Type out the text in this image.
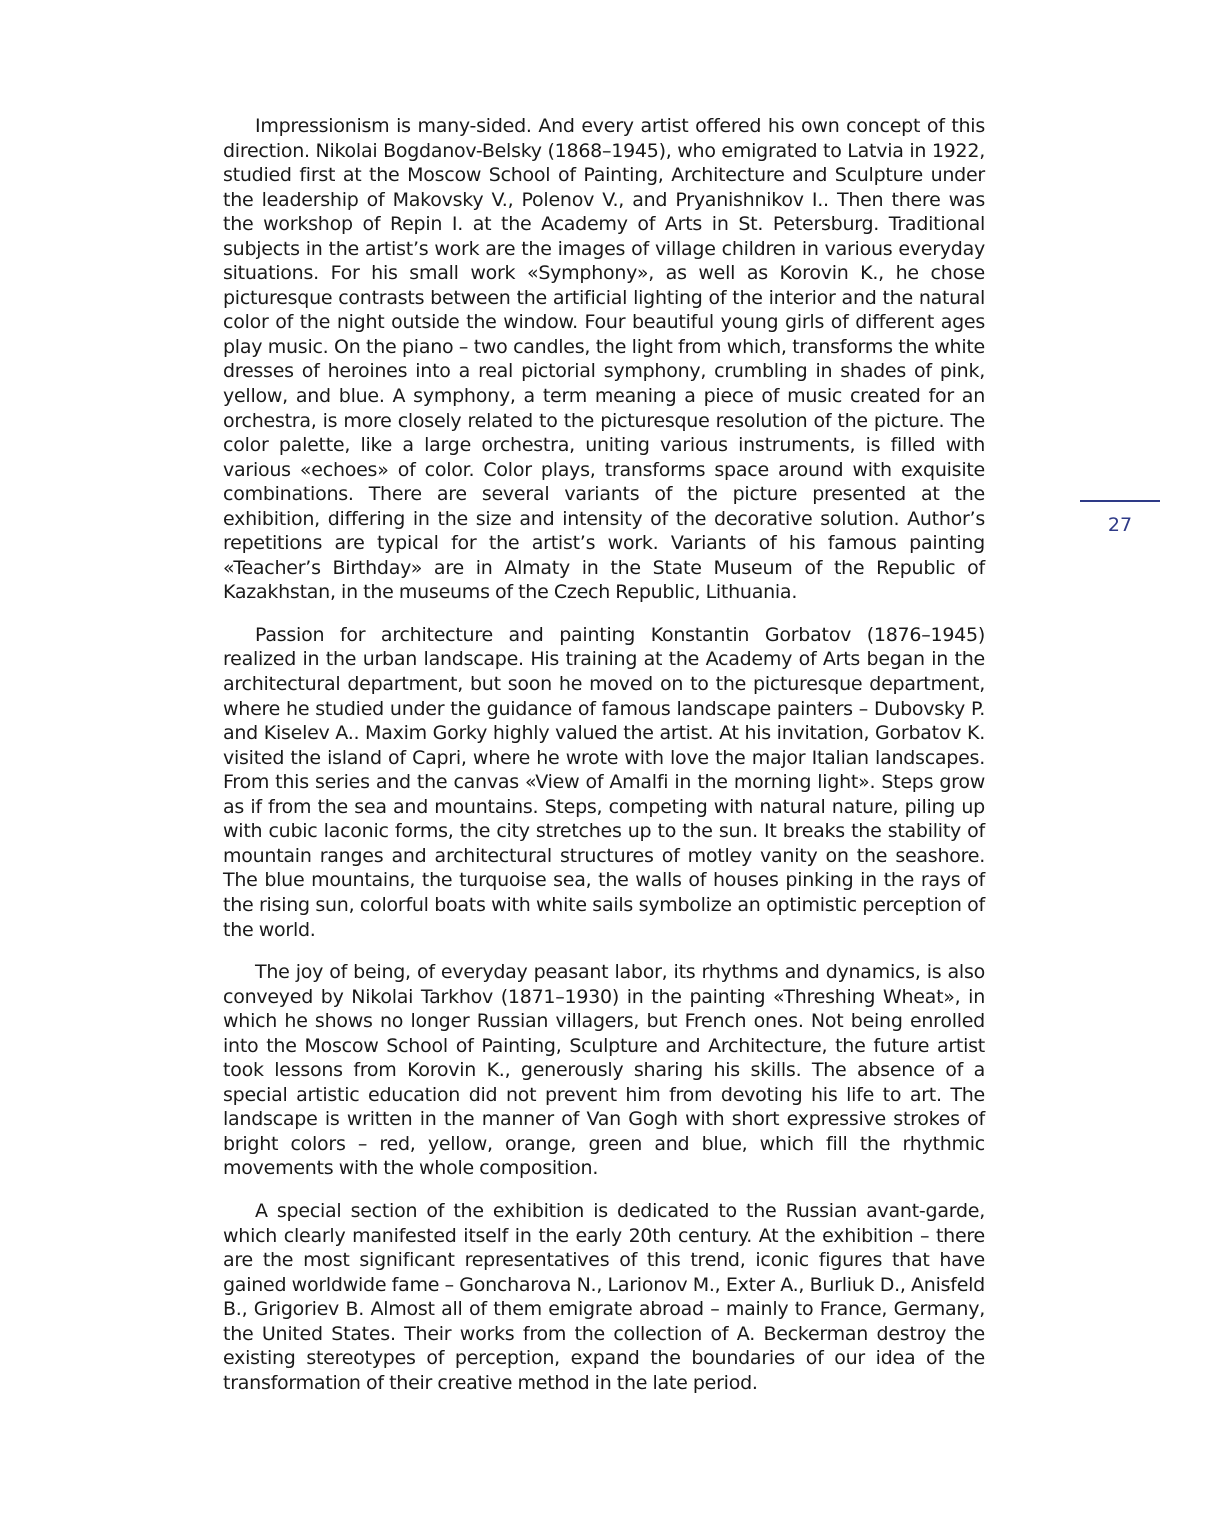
Impressionism is many-sided. And every artist offered his own concept of this direction. Nikolai Bogdanov-Belsky (1868–1945), who emigrated to Latvia in 1922, studied first at the Moscow School of Painting, Architecture and Sculpture under the leadership of Makovsky V., Polenov V., and Pryanishnikov I.. Then there was the workshop of Repin I. at the Academy of Arts in St. Petersburg. Traditional subjects in the artist’s work are the images of village children in various everyday situations. For his small work «Symphony», as well as Korovin K., he chose picturesque contrasts between the artificial lighting of the interior and the natural color of the night outside the window. Four beautiful young girls of different ages play music. On the piano – two candles, the light from which, transforms the white dresses of heroines into a real pictorial symphony, crumbling in shades of pink, yellow, and blue. A symphony, a term meaning a piece of music created for an orchestra, is more closely related to the picturesque resolution of the picture. The color palette, like a large orchestra, uniting various instruments, is filled with various «echoes» of color. Color plays, transforms space around with exquisite combinations. There are several variants of the picture presented at the exhibition, differing in the size and intensity of the decorative solution. Author’s repetitions are typical for the artist’s work. Variants of his famous painting «Teacher’s Birthday» are in Almaty in the State Museum of the Republic of Kazakhstan, in the museums of the Czech Republic, Lithuania.

Passion for architecture and painting Konstantin Gorbatov (1876–1945) realized in the urban landscape. His training at the Academy of Arts began in the architectural department, but soon he moved on to the picturesque department, where he studied under the guidance of famous landscape painters – Dubovsky P. and Kiselev A.. Maxim Gorky highly valued the artist. At his invitation, Gorbatov K. visited the island of Capri, where he wrote with love the major Italian landscapes. From this series and the canvas «View of Amalfi in the morning light». Steps grow as if from the sea and mountains. Steps, competing with natural nature, piling up with cubic laconic forms, the city stretches up to the sun. It breaks the stability of mountain ranges and architectural structures of motley vanity on the seashore. The blue mountains, the turquoise sea, the walls of houses pinking in the rays of the rising sun, colorful boats with white sails symbolize an optimistic perception of the world.

The joy of being, of everyday peasant labor, its rhythms and dynamics, is also conveyed by Nikolai Tarkhov (1871–1930) in the painting «Threshing Wheat», in which he shows no longer Russian villagers, but French ones. Not being enrolled into the Moscow School of Painting, Sculpture and Architecture, the future artist took lessons from Korovin K., generously sharing his skills. The absence of a special artistic education did not prevent him from devoting his life to art. The landscape is written in the manner of Van Gogh with short expressive strokes of bright colors – red, yellow, orange, green and blue, which fill the rhythmic movements with the whole composition.

A special section of the exhibition is dedicated to the Russian avant-garde, which clearly manifested itself in the early 20th century. At the exhibition – there are the most significant representatives of this trend, iconic figures that have gained worldwide fame – Goncharova N., Larionov M., Exter A., Burliuk D., Anisfeld B., Grigoriev B. Almost all of them emigrate abroad – mainly to France, Germany, the United States. Their works from the collection of A. Beckerman destroy the existing stereotypes of perception, expand the boundaries of our idea of the transformation of their creative method in the late period.

27
